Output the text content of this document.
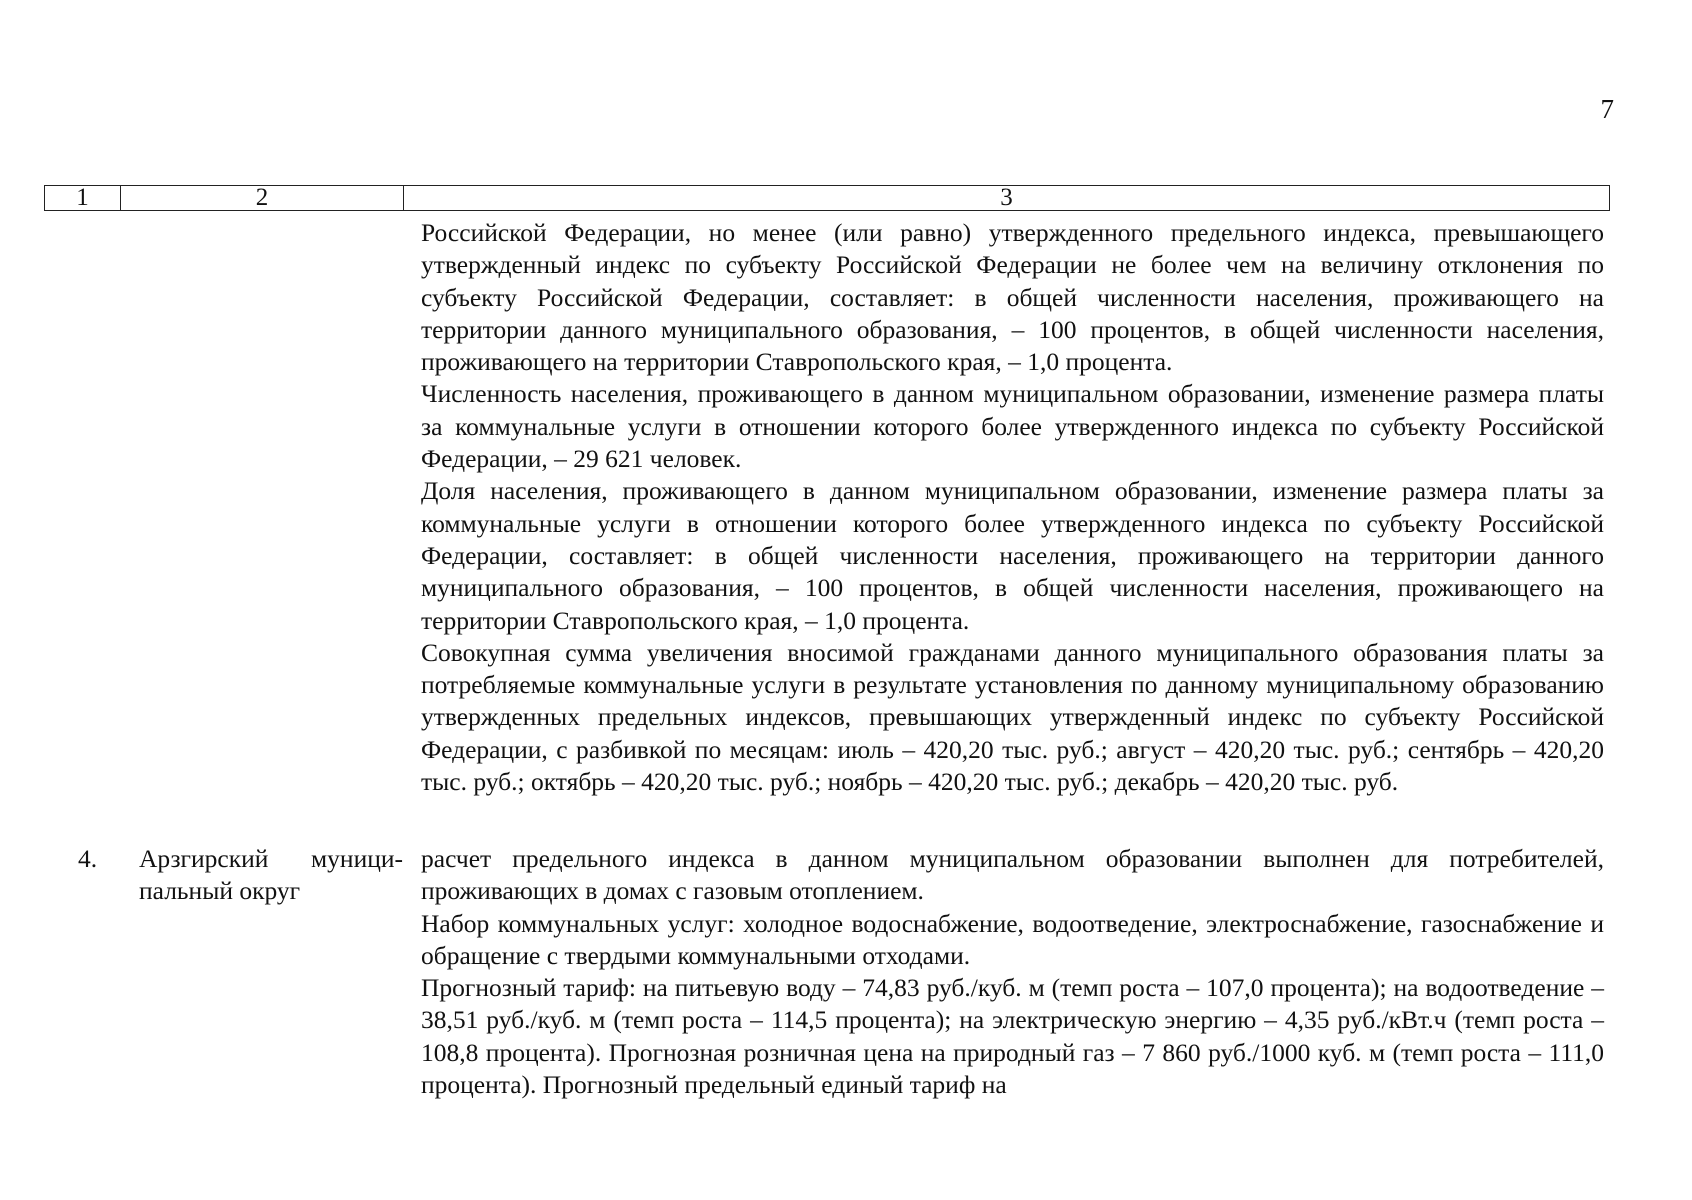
7
1	2	3

Российской Федерации, но менее (или равно) утвержденного предельного индекса, превышающего утвержденный индекс по субъекту Российской Федерации не более чем на величину отклонения по субъекту Российской Федерации, составляет: в общей численности населения, проживающего на территории данного муниципального образования, – 100 процентов, в общей численности населения, проживающего на территории Ставропольского края, – 1,0 процента.

Численность населения, проживающего в данном муниципальном образовании, изменение размера платы за коммунальные услуги в отношении которого более утвержденного индекса по субъекту Российской Федерации, – 29 621 человек.

Доля населения, проживающего в данном муниципальном образовании, изменение размера платы за коммунальные услуги в отношении которого более утвержденного индекса по субъекту Российской Федерации, составляет: в общей численности населения, проживающего на территории данного муниципального образования, – 100 процентов, в общей численности населения, проживающего на территории Ставропольского края, – 1,0 процента.

Совокупная сумма увеличения вносимой гражданами данного муниципального образования платы за потребляемые коммунальные услуги в результате установления по данному муниципальному образованию утвержденных предельных индексов, превышающих утвержденный индекс по субъекту Российской Федерации, с разбивкой по месяцам: июль – 420,20 тыс. руб.; август – 420,20 тыс. руб.; сентябрь – 420,20 тыс. руб.; октябрь – 420,20 тыс. руб.; ноябрь – 420,20 тыс. руб.; декабрь – 420,20 тыс. руб.

4. Арзгирский муници-
пальный округ

расчет предельного индекса в данном муниципальном образовании выполнен для потребителей, проживающих в домах с газовым отоплением.

Набор коммунальных услуг: холодное водоснабжение, водоотведение, электроснабжение, газоснабжение и обращение с твердыми коммунальными отходами.

Прогнозный тариф: на питьевую воду – 74,83 руб./куб. м (темп роста – 107,0 процента); на водоотведение – 38,51 руб./куб. м (темп роста – 114,5 процента); на электрическую энергию – 4,35 руб./кВт.ч (темп роста – 108,8 процента). Прогнозная розничная цена на природный газ – 7 860 руб./1000 куб. м (темп роста – 111,0 процента). Прогнозный предельный единый тариф на
